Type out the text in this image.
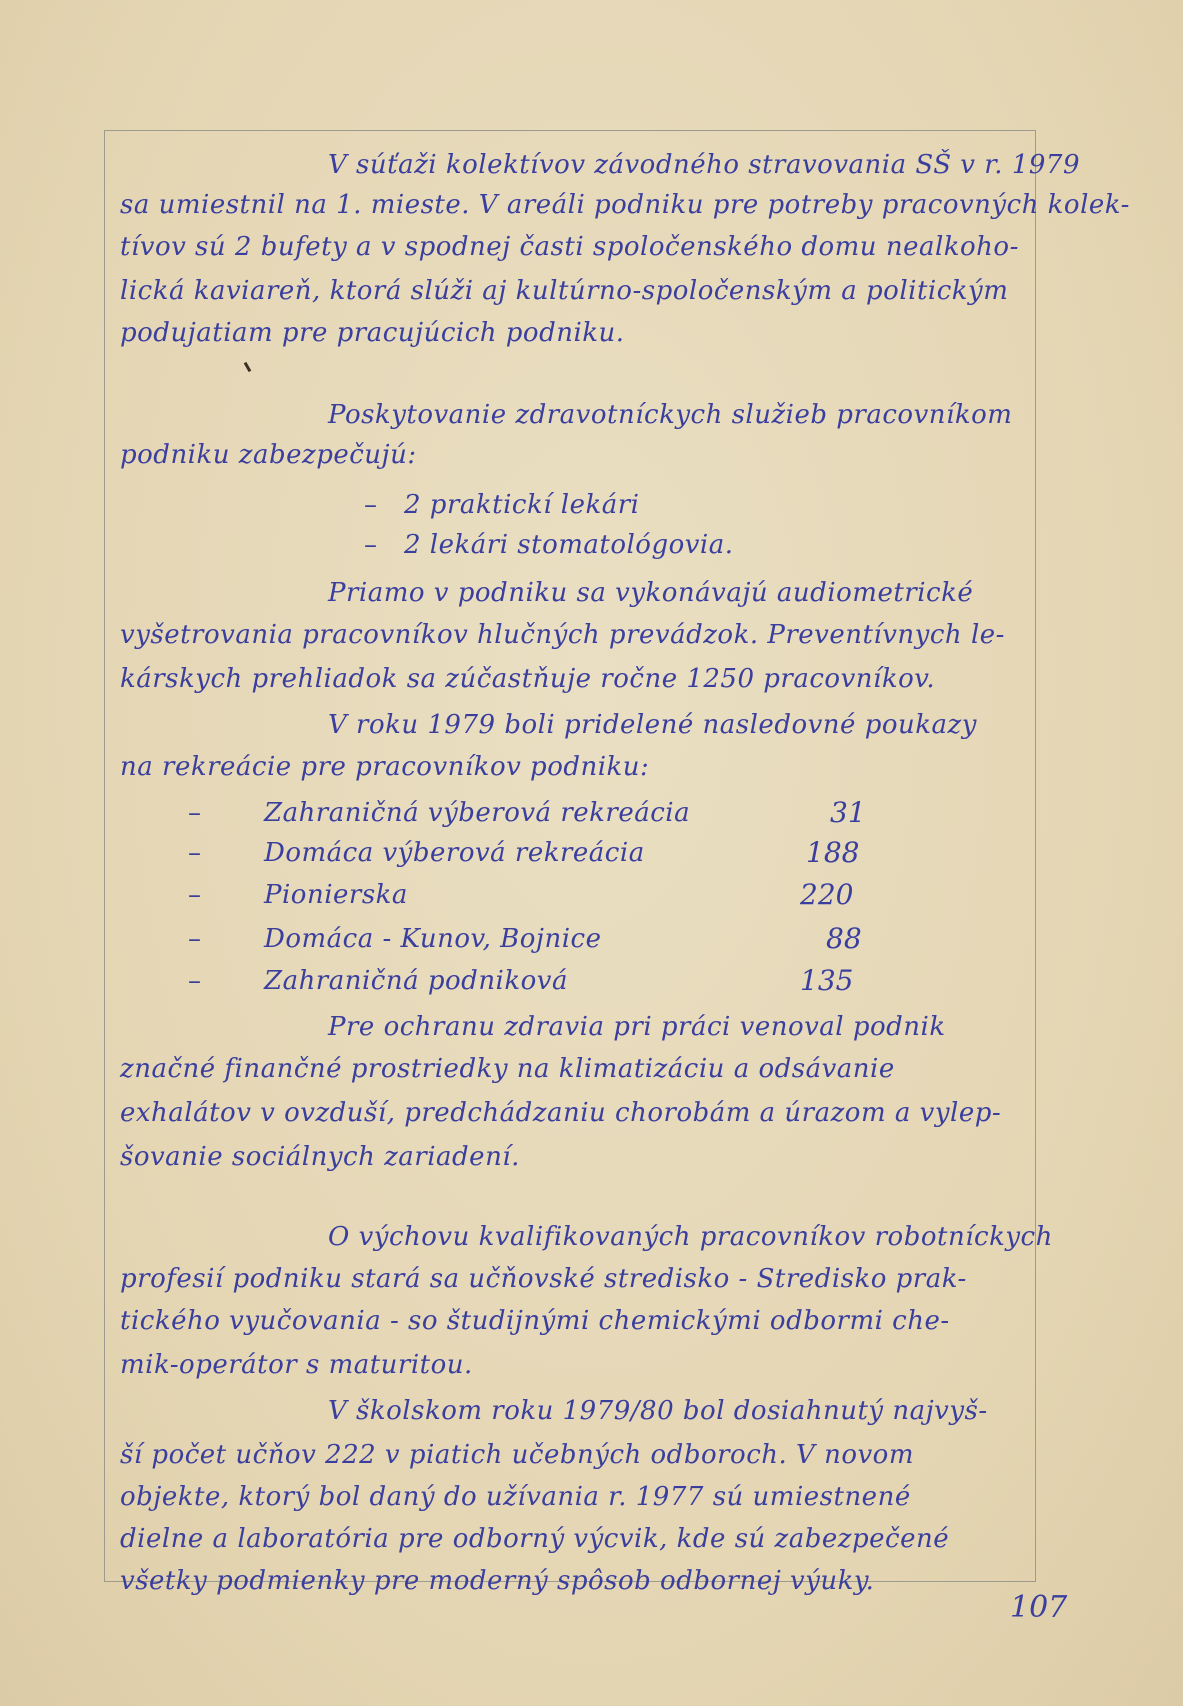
V súťaži kolektívov závodného stravovania SŠ v r. 1979
sa umiestnil na 1. mieste. V areáli podniku pre potreby pracovných kolek-
tívov sú 2 bufety a v spodnej časti spoločenského domu nealkoho-
lická kaviareň, ktorá slúži aj kultúrno-spoločenským a politickým
podujatiam pre pracujúcich podniku.
Poskytovanie zdravotníckych služieb pracovníkom
podniku zabezpečujú:
2 praktickí lekári
2 lekári stomatológovia.
Priamo v podniku sa vykonávajú audiometrické
vyšetrovania pracovníkov hlučných prevádzok. Preventívnych le-
kárskych prehliadok sa zúčastňuje ročne 1250 pracovníkov.
V roku 1979 boli pridelené nasledovné poukazy
na rekreácie pre pracovníkov podniku:
Zahraničná výberová rekreácia
Domáca výberová rekreácia
Pionierska
Domáca - Kunov, Bojnice
Zahraničná podniková
Pre ochranu zdravia pri práci venoval podnik
značné finančné prostriedky na klimatizáciu a odsávanie
exhalátov v ovzduší, predchádzaniu chorobám a úrazom a vylep-
šovanie sociálnych zariadení.
O výchovu kvalifikovaných pracovníkov robotníckych
profesií podniku stará sa učňovské stredisko - Stredisko prak-
tického vyučovania - so študijnými chemickými odbormi che-
mik-operátor s maturitou.
V školskom roku 1979/80 bol dosiahnutý najvyš-
ší počet učňov 222 v piatich učebných odboroch. V novom
objekte, ktorý bol daný do užívania r. 1977 sú umiestnené
dielne a laboratória pre odborný výcvik, kde sú zabezpečené
všetky podmienky pre moderný spôsob odbornej výuky.
–
–
–
–
–
–
–
31
188
220
88
135
107
